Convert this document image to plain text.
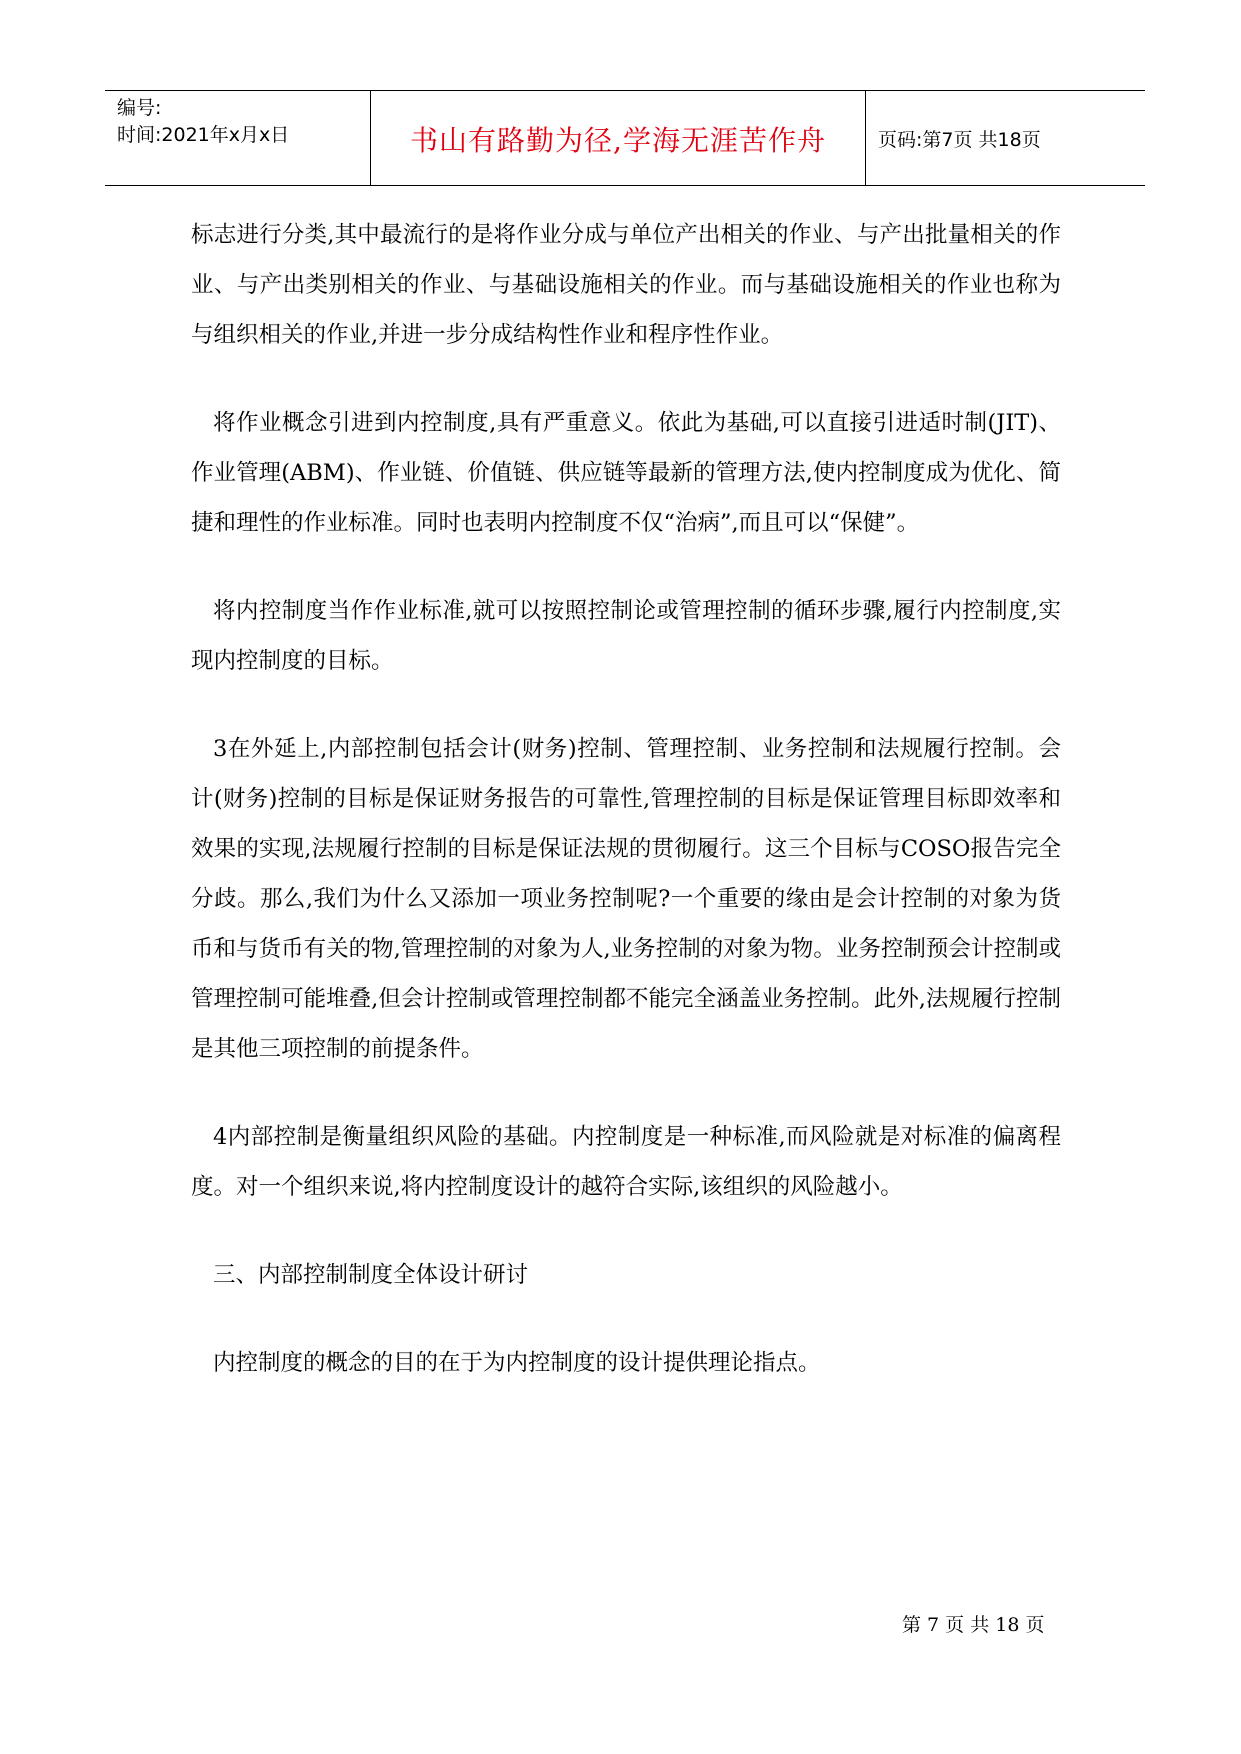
编号:
时间:2021年x月x日	书山有路勤为径,学海无涯苦作舟	页码:第7页 共18页

标志进行分类,其中最流行的是将作业分成与单位产出相关的作业、与产出批量相关的作业、与产出类别相关的作业、与基础设施相关的作业。而与基础设施相关的作业也称为与组织相关的作业,并进一步分成结构性作业和程序性作业。

将作业概念引进到内控制度,具有严重意义。依此为基础,可以直接引进适时制(JIT)、作业管理(ABM)、作业链、价值链、供应链等最新的管理方法,使内控制度成为优化、简捷和理性的作业标准。同时也表明内控制度不仅“治病”,而且可以“保健”。

将内控制度当作作业标准,就可以按照控制论或管理控制的循环步骤,履行内控制度,实现内控制度的目标。

3在外延上,内部控制包括会计(财务)控制、管理控制、业务控制和法规履行控制。会计(财务)控制的目标是保证财务报告的可靠性,管理控制的目标是保证管理目标即效率和效果的实现,法规履行控制的目标是保证法规的贯彻履行。这三个目标与COSO报告完全分歧。那么,我们为什么又添加一项业务控制呢?一个重要的缘由是会计控制的对象为货币和与货币有关的物,管理控制的对象为人,业务控制的对象为物。业务控制预会计控制或管理控制可能堆叠,但会计控制或管理控制都不能完全涵盖业务控制。此外,法规履行控制是其他三项控制的前提条件。

4内部控制是衡量组织风险的基础。内控制度是一种标准,而风险就是对标准的偏离程度。对一个组织来说,将内控制度设计的越符合实际,该组织的风险越小。

三、内部控制制度全体设计研讨

内控制度的概念的目的在于为内控制度的设计提供理论指点。

第 7 页 共 18 页
